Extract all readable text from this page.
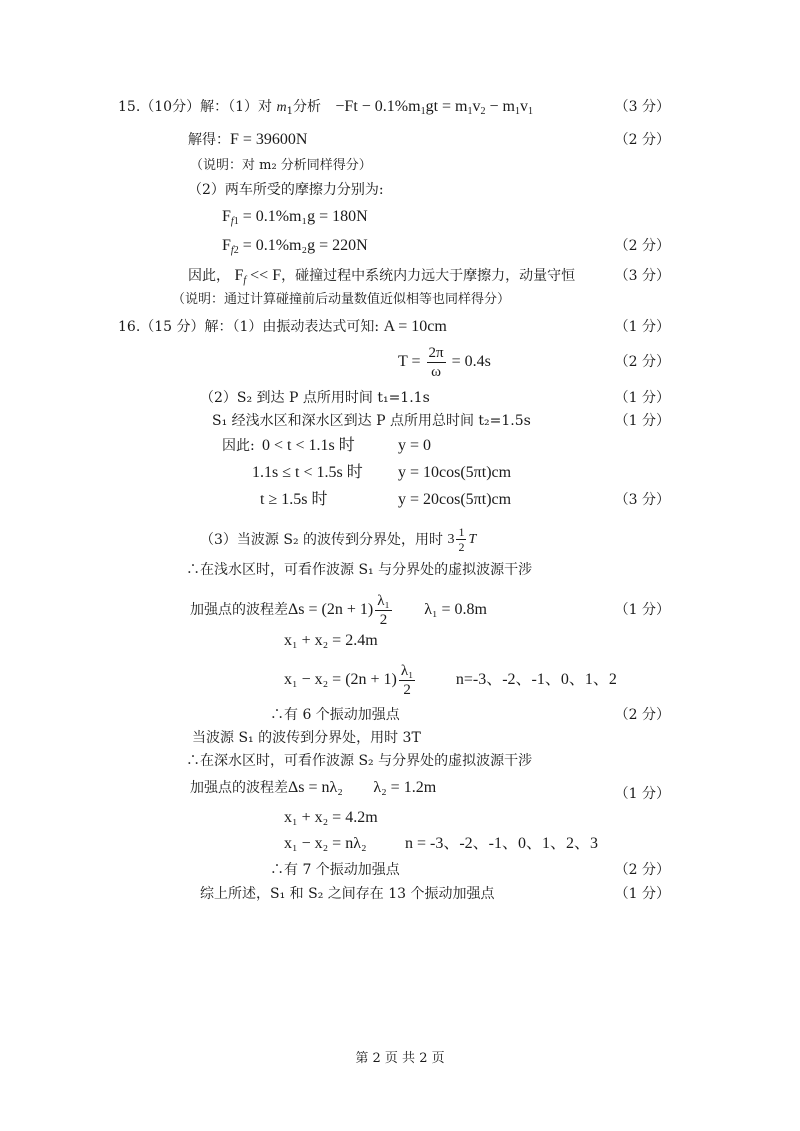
15.（10分）解：（1）对 $m_1$分析 $-Ft - 0.1\%m_1gt = m_1v_2 - m_1v_1$	（3 分）
解得：F = 39600N	（2 分）
（说明：对 m₂ 分析同样得分）
（2）两车所受的摩擦力分别为:
$F_{f1} = 0.1\%m_1g = 180N$
$F_{f2} = 0.1\%m_2g = 220N$	（2 分）
因此， $F_f << F$，碰撞过程中系统内力远大于摩擦力，动量守恒	（3 分）
（说明：通过计算碰撞前后动量数值近似相等也同样得分）
16.（15 分）解：（1）由振动表达式可知: A = 10cm	（1 分）
$T = \frac{2\pi}{\omega} = 0.4s$	（2 分）
（2）S₂ 到达 P 点所用时间 t₁=1.1s	（1 分）
S₁ 经浅水区和深水区到达 P 点所用总时间 t₂=1.5s	（1 分）
因此: 0 < t < 1.1s 时	y = 0
1.1s ≤ t < 1.5s 时 y = 10cos(5πt)cm
t ≥ 1.5s 时	y = 20cos(5πt)cm	（3 分）
（3）当波源 S₂ 的波传到分界处，用时 $3 \frac{1}{2}$ T
∴在浅水区时，可看作波源 S₁ 与分界处的虚拟波源干涉
加强点的波程差$\Delta s = (2n + 1) \frac{\text{λ₁}}{2} \lambda_1 = 0.8m$	（1 分）
x₁ + x₂ = 2.4m
$x_1 - x_2 = (2n + 1) \frac{\text{λ₁}}{2}$	n=-3、-2、-1、0、1、2
∴有 6 个振动加强点	（2 分）
当波源 S₁ 的波传到分界处，用时 3T
∴在深水区时，可看作波源 S₂ 与分界处的虚拟波源干涉
加强点的波程差Δs = nλ₂ λ₂ = 1.2m	（1 分）
x₁ + x₂ = 4.2m
x₁ − x₂ = nλ₂ n = -3、-2、-1、0、1、2、3
∴有 7 个振动加强点	（2 分）
综上所述，S₁ 和 S₂ 之间存在 13 个振动加强点	（1 分）
第 2 页 共 2 页
